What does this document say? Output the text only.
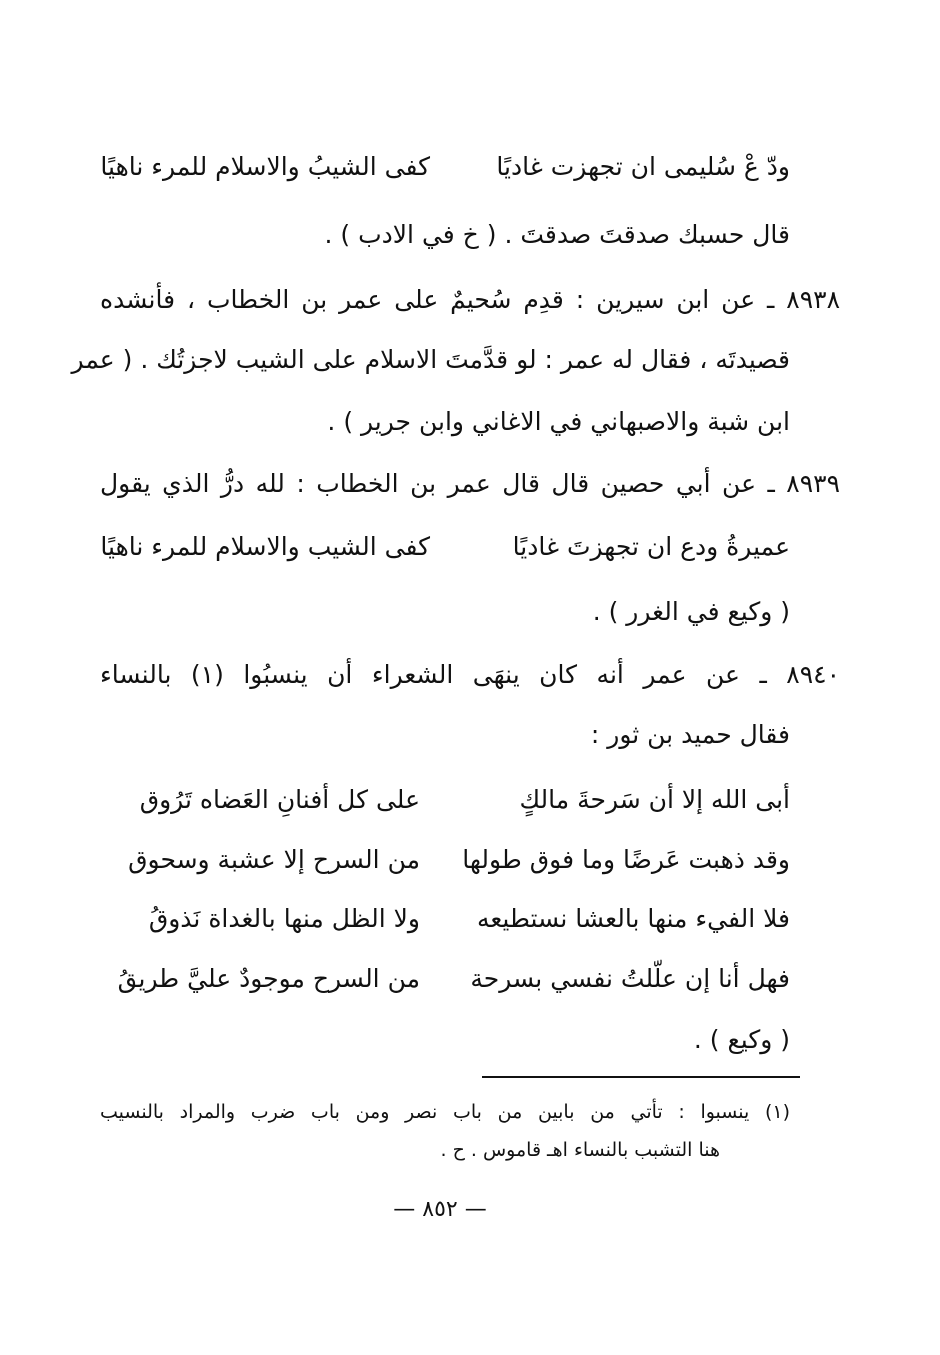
ودّ عْ سُليمى ان تجهزت غاديًا
كفى الشيبُ والاسلام للمرء ناهيًا
قال حسبك صدقتَ صدقتَ . ( خ في الادب ) .
٨٩٣٨ ـ عن ابن سيرين : قدِم سُحيمٌ على عمر بن الخطاب ، فأنشده
قصيدتَه ، فقال له عمر : لو قدَّمتَ الاسلام على الشيب لاجزتُك . ( عمر
ابن شبة والاصبهاني في الاغاني وابن جرير ) .
٨٩٣٩ ـ عن أبي حصين قال قال عمر بن الخطاب : لله درُّ الذي يقول
عميرةُ ودع ان تجهزتَ غاديًا
كفى الشيب والاسلام للمرء ناهيًا
( وكيع في الغرر ) .
٨٩٤٠ ـ عن عمر أنه كان ينهَى الشعراء أن ينسبُوا (١) بالنساء
فقال حميد بن ثور :
أبى الله إلا أن سَرحةَ مالكٍ
على كل أفنانِ العَضاه تَرُوق
وقد ذهبت عَرضًا وما فوق طولها
من السرح إلا عشبة وسحوق
فلا الفيء منها بالعشا نستطيعه
ولا الظل منها بالغداة نَذوقُ
فهل أنا إن علّلتُ نفسي بسرحة
من السرح موجودٌ عليَّ طريقُ
( وكيع ) .
(١) ينسبوا : تأتي من بابين من باب نصر ومن باب ضرب والمراد بالنسيب
هنا التشبب بالنساء اهـ قاموس . ح .
— ٨٥٢ —
